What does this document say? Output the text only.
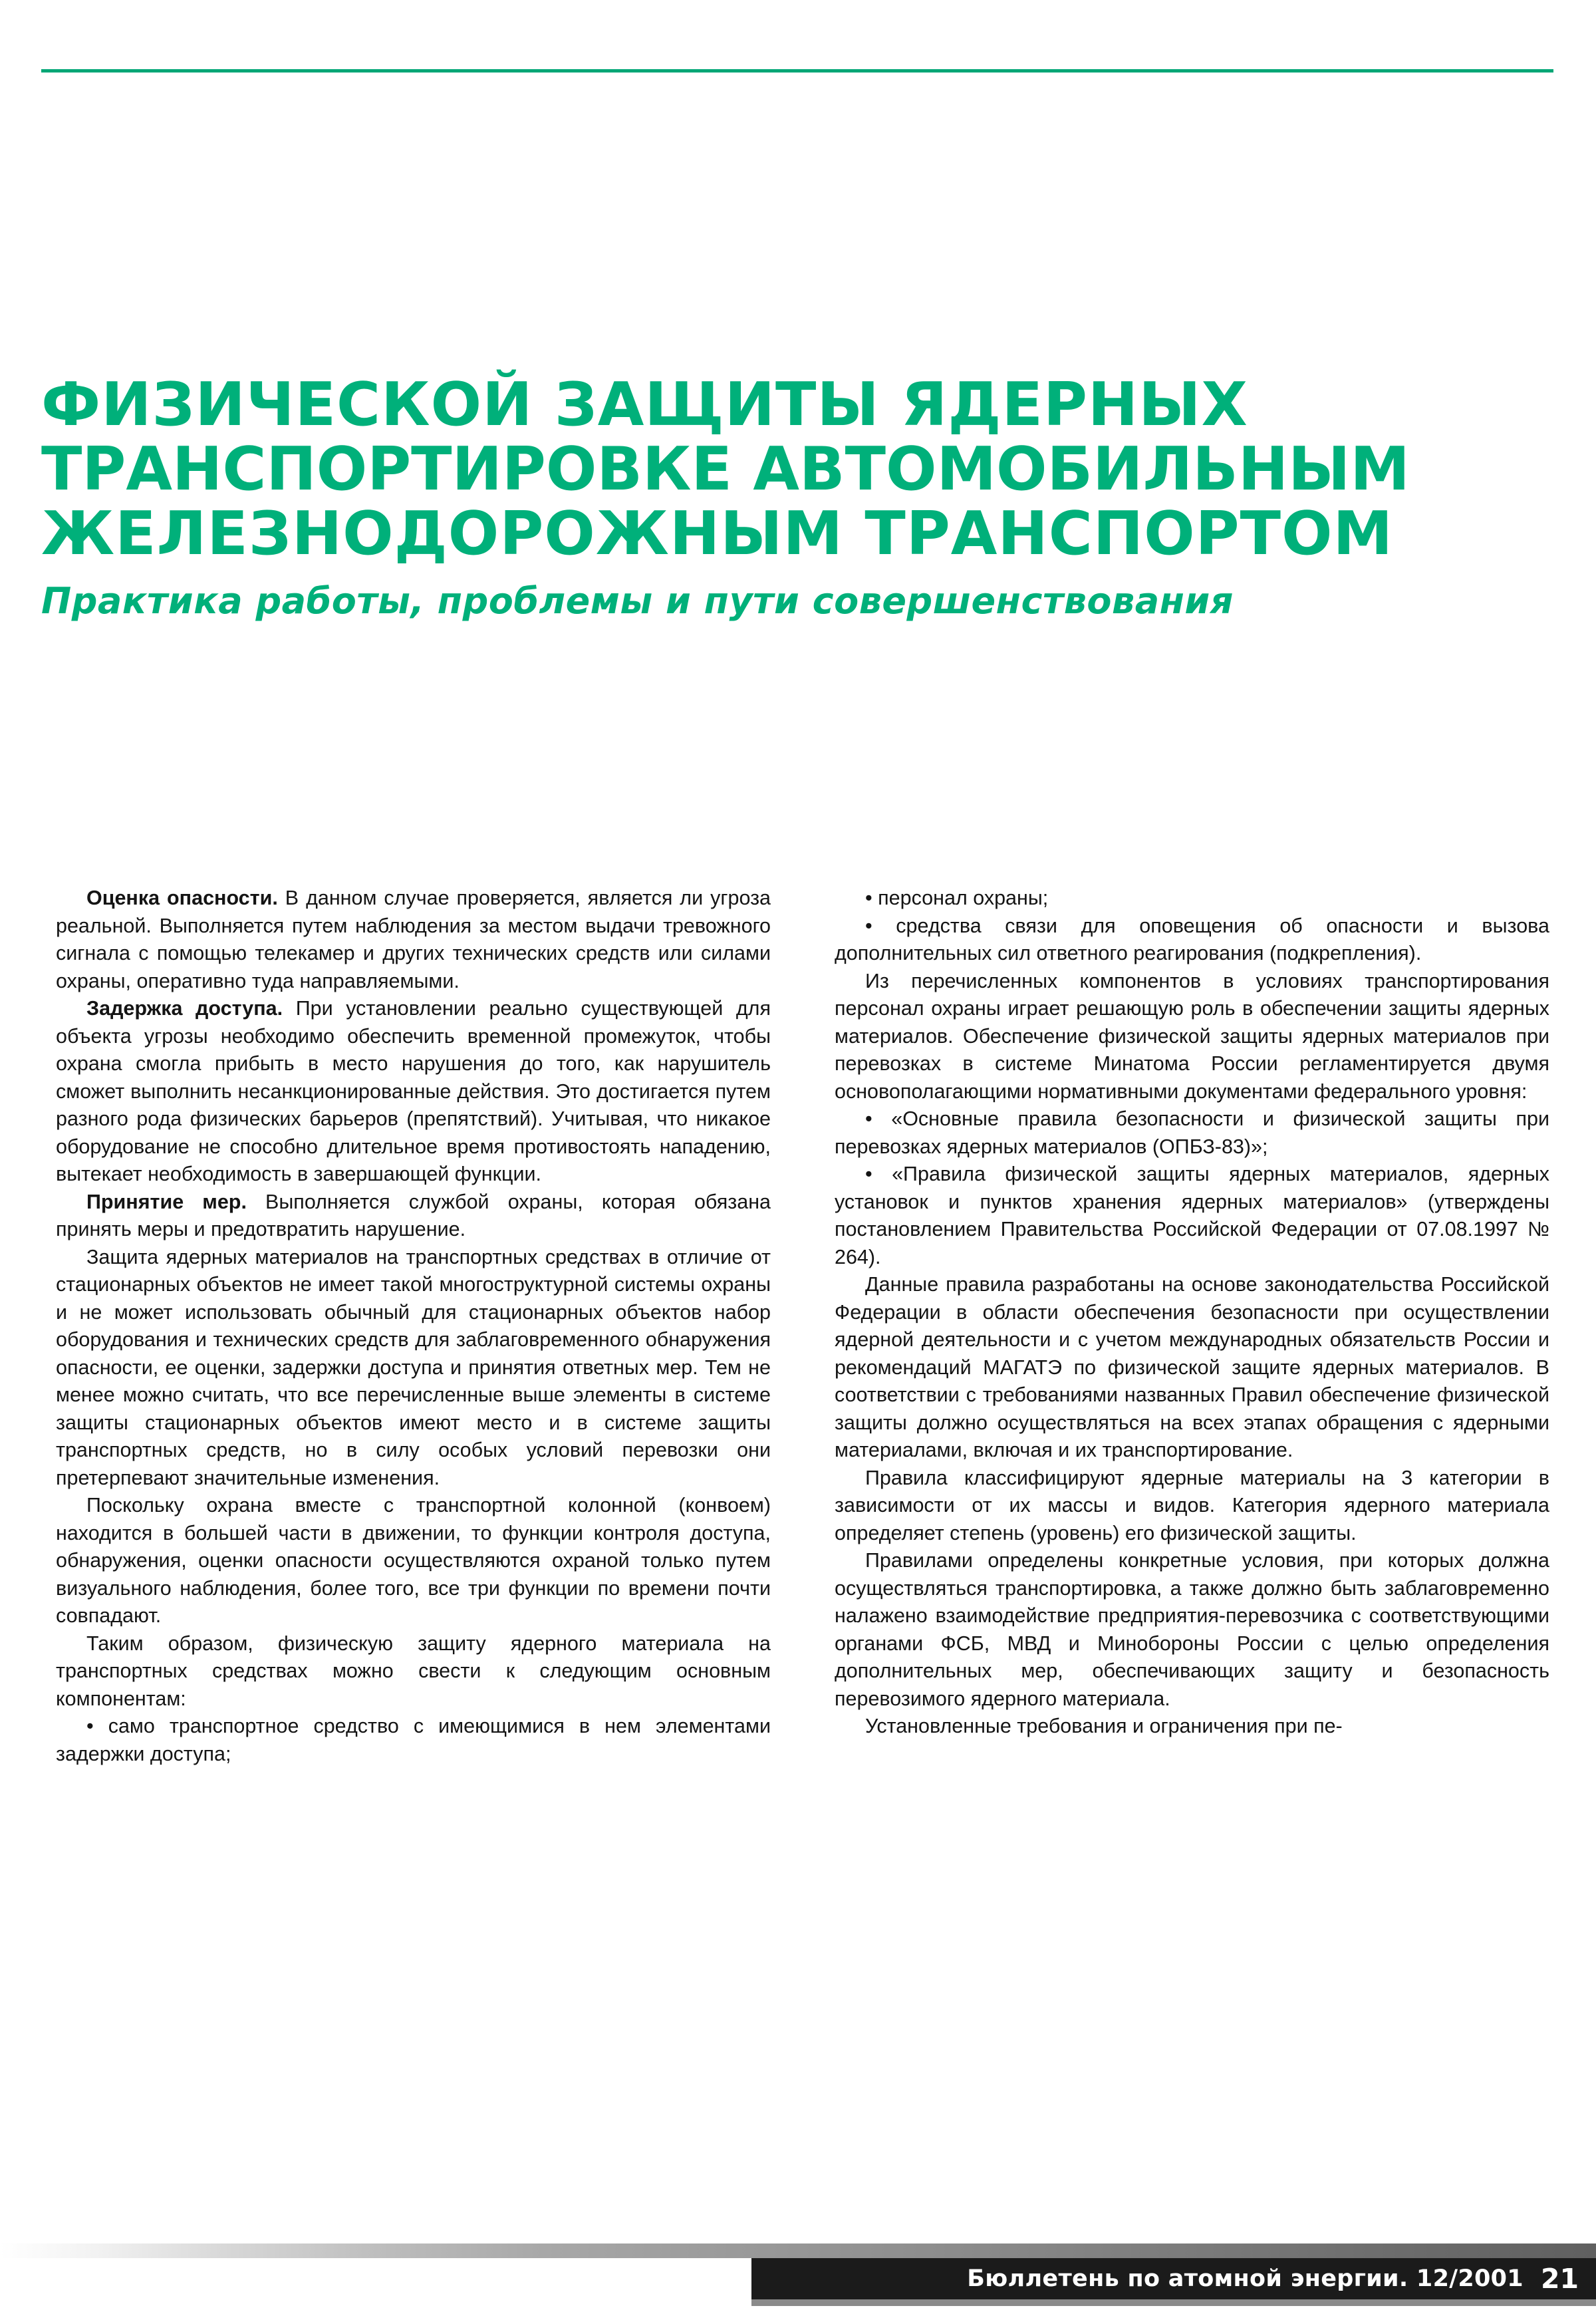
ФИЗИЧЕСКОЙ ЗАЩИТЫ ЯДЕРНЫХ
ТРАНСПОРТИРОВКЕ АВТОМОБИЛЬНЫМ
ЖЕЛЕЗНОДОРОЖНЫМ ТРАНСПОРТОМ
Практика работы, проблемы и пути совершенствования

Оценка опасности. В данном случае проверяется, является ли угроза реальной. Выполняется путем наблюдения за местом выдачи тревожного сигнала с помощью телекамер и других технических средств или силами охраны, оперативно туда направляемыми.

Задержка доступа. При установлении реально существующей для объекта угрозы необходимо обеспечить временной промежуток, чтобы охрана смогла прибыть в место нарушения до того, как нарушитель сможет выполнить несанкционированные действия. Это достигается путем разного рода физических барьеров (препятствий). Учитывая, что никакое оборудование не способно длительное время противостоять нападению, вытекает необходимость в завершающей функции.

Принятие мер. Выполняется службой охраны, которая обязана принять меры и предотвратить нарушение.

Защита ядерных материалов на транспортных средствах в отличие от стационарных объектов не имеет такой многоструктурной системы охраны и не может использовать обычный для стационарных объектов набор оборудования и технических средств для заблаговременного обнаружения опасности, ее оценки, задержки доступа и принятия ответных мер. Тем не менее можно считать, что все перечисленные выше элементы в системе защиты стационарных объектов имеют место и в системе защиты транспортных средств, но в силу особых условий перевозки они претерпевают значительные изменения.

Поскольку охрана вместе с транспортной колонной (конвоем) находится в большей части в движении, то функции контроля доступа, обнаружения, оценки опасности осуществляются охраной только путем визуального наблюдения, более того, все три функции по времени почти совпадают.

Таким образом, физическую защиту ядерного материала на транспортных средствах можно свести к следующим основным компонентам:

• само транспортное средство с имеющимися в нем элементами задержки доступа;

• персонал охраны;

• средства связи для оповещения об опасности и вызова дополнительных сил ответного реагирования (подкрепления).

Из перечисленных компонентов в условиях транспортирования персонал охраны играет решающую роль в обеспечении защиты ядерных материалов. Обеспечение физической защиты ядерных материалов при перевозках в системе Минатома России регламентируется двумя основополагающими нормативными документами федерального уровня:

• «Основные правила безопасности и физической защиты при перевозках ядерных материалов (ОПБЗ-83)»;

• «Правила физической защиты ядерных материалов, ядерных установок и пунктов хранения ядерных материалов» (утверждены постановлением Правительства Российской Федерации от 07.08.1997 № 264).

Данные правила разработаны на основе законодательства Российской Федерации в области обеспечения безопасности при осуществлении ядерной деятельности и с учетом международных обязательств России и рекомендаций МАГАТЭ по физической защите ядерных материалов. В соответствии с требованиями названных Правил обеспечение физической защиты должно осуществляться на всех этапах обращения с ядерными материалами, включая и их транспортирование.

Правила классифицируют ядерные материалы на 3 категории в зависимости от их массы и видов. Категория ядерного материала определяет степень (уровень) его физической защиты.

Правилами определены конкретные условия, при которых должна осуществляться транспортировка, а также должно быть заблаговременно налажено взаимодействие предприятия-перевозчика с соответствующими органами ФСБ, МВД и Минобороны России с целью определения дополнительных мер, обеспечивающих защиту и безопасность перевозимого ядерного материала.

Установленные требования и ограничения при пе-

Бюллетень по атомной энергии. 12/2001 21
